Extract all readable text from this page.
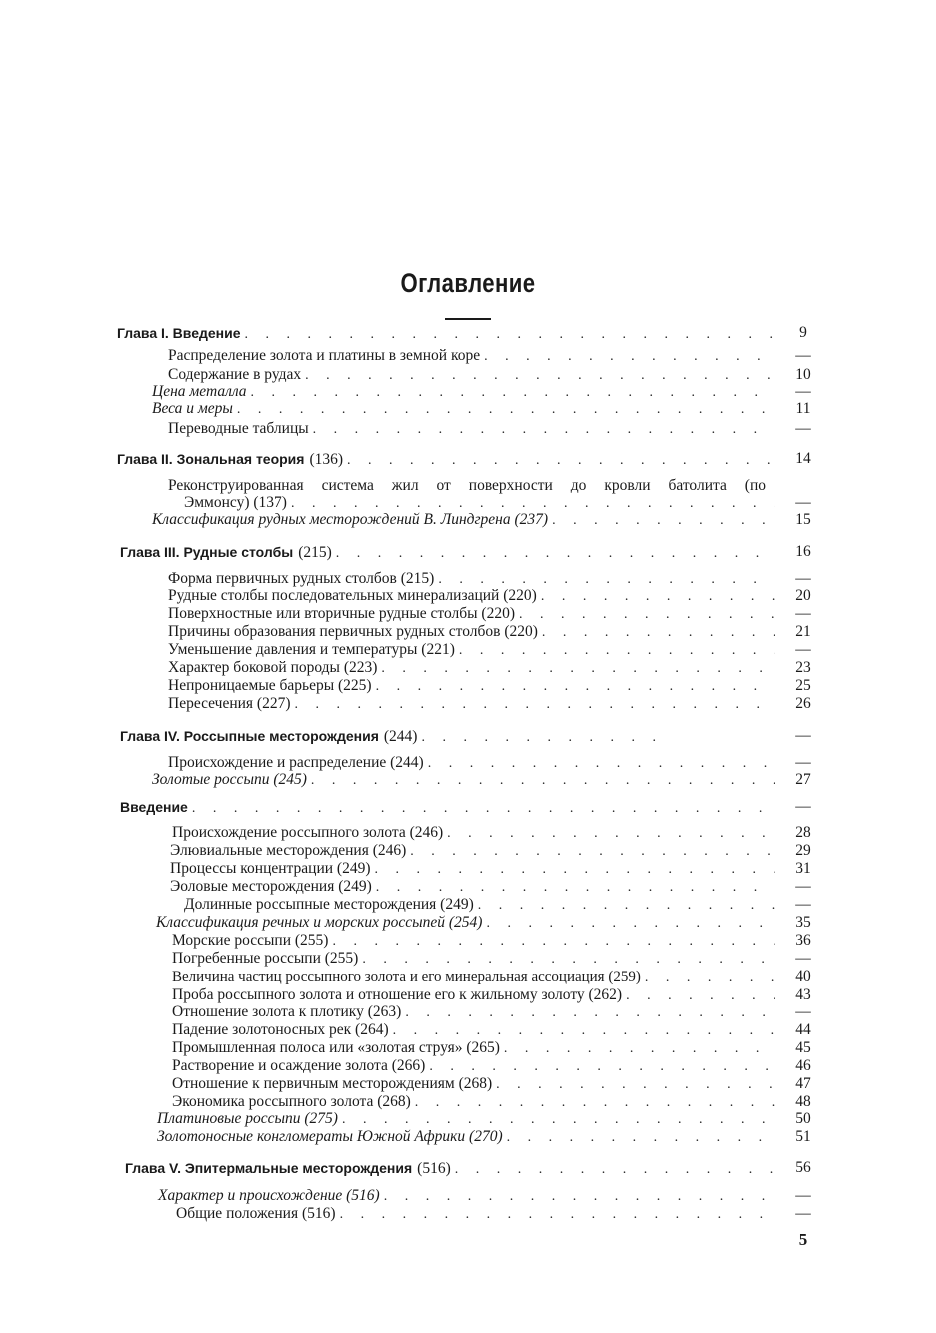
Оглавление
Глава I. Введение . . .	9
Распределение золота и платины в земной коре . . .	—
Содержание в рудах . . .	10
Цена металла . . .	—
Веса и меры . . .	11
Переводные таблицы . . .	—
Глава II. Зональная теория (136) . . .	14
Реконструированная система жил от поверхности до кровли батолита (по
Эммонсу) (137) . . .	—
Классификация рудных месторождений В. Линдгрена (237) . . .	15
Глава III. Рудные столбы (215) . . .	16
Форма первичных рудных столбов (215) . . .	—
Рудные столбы последовательных минерализаций (220) . . .	20
Поверхностные или вторичные рудные столбы (220) . . .	—
Причины образования первичных рудных столбов (220) . . .	21
Уменьшение давления и температуры (221) . . .	—
Характер боковой породы (223) . . .	23
Непроницаемые барьеры (225) . . .	25
Пересечения (227) . . .	26
Глава IV. Россыпные месторождения (244) . . .	—
Происхождение и распределение (244) . . .	—
Золотые россыпи (245) . . .	27
Введение . . .	—
Происхождение россыпного золота (246) . . .	28
Элювиальные месторождения (246) . . .	29
Процессы концентрации (249) . . .	31
Эоловые месторождения (249) . . .	—
Долинные россыпные месторождения (249) . . .	—
Классификация речных и морских россыпей (254) . . .	35
Морские россыпи (255) . . .	36
Погребенные россыпи (255) . . .	—
Величина частиц россыпного золота и его минеральная ассоциация (259) . . .	40
Проба россыпного золота и отношение его к жильному золоту (262) . . .	43
Отношение золота к плотику (263) . . .	—
Падение золотоносных рек (264) . . .	44
Промышленная полоса или «золотая струя» (265) . . .	45
Растворение и осаждение золота (266) . . .	46
Отношение к первичным месторождениям (268) . . .	47
Экономика россыпного золота (268) . . .	48
Платиновые россыпи (275) . . .	50
Золотоносные конгломераты Южной Африки (270) . . .	51
Глава V. Эпитермальные месторождения (516) . . .	56
Характер и происхождение (516) . . .	—
Общие положения (516) . . .	—
5
